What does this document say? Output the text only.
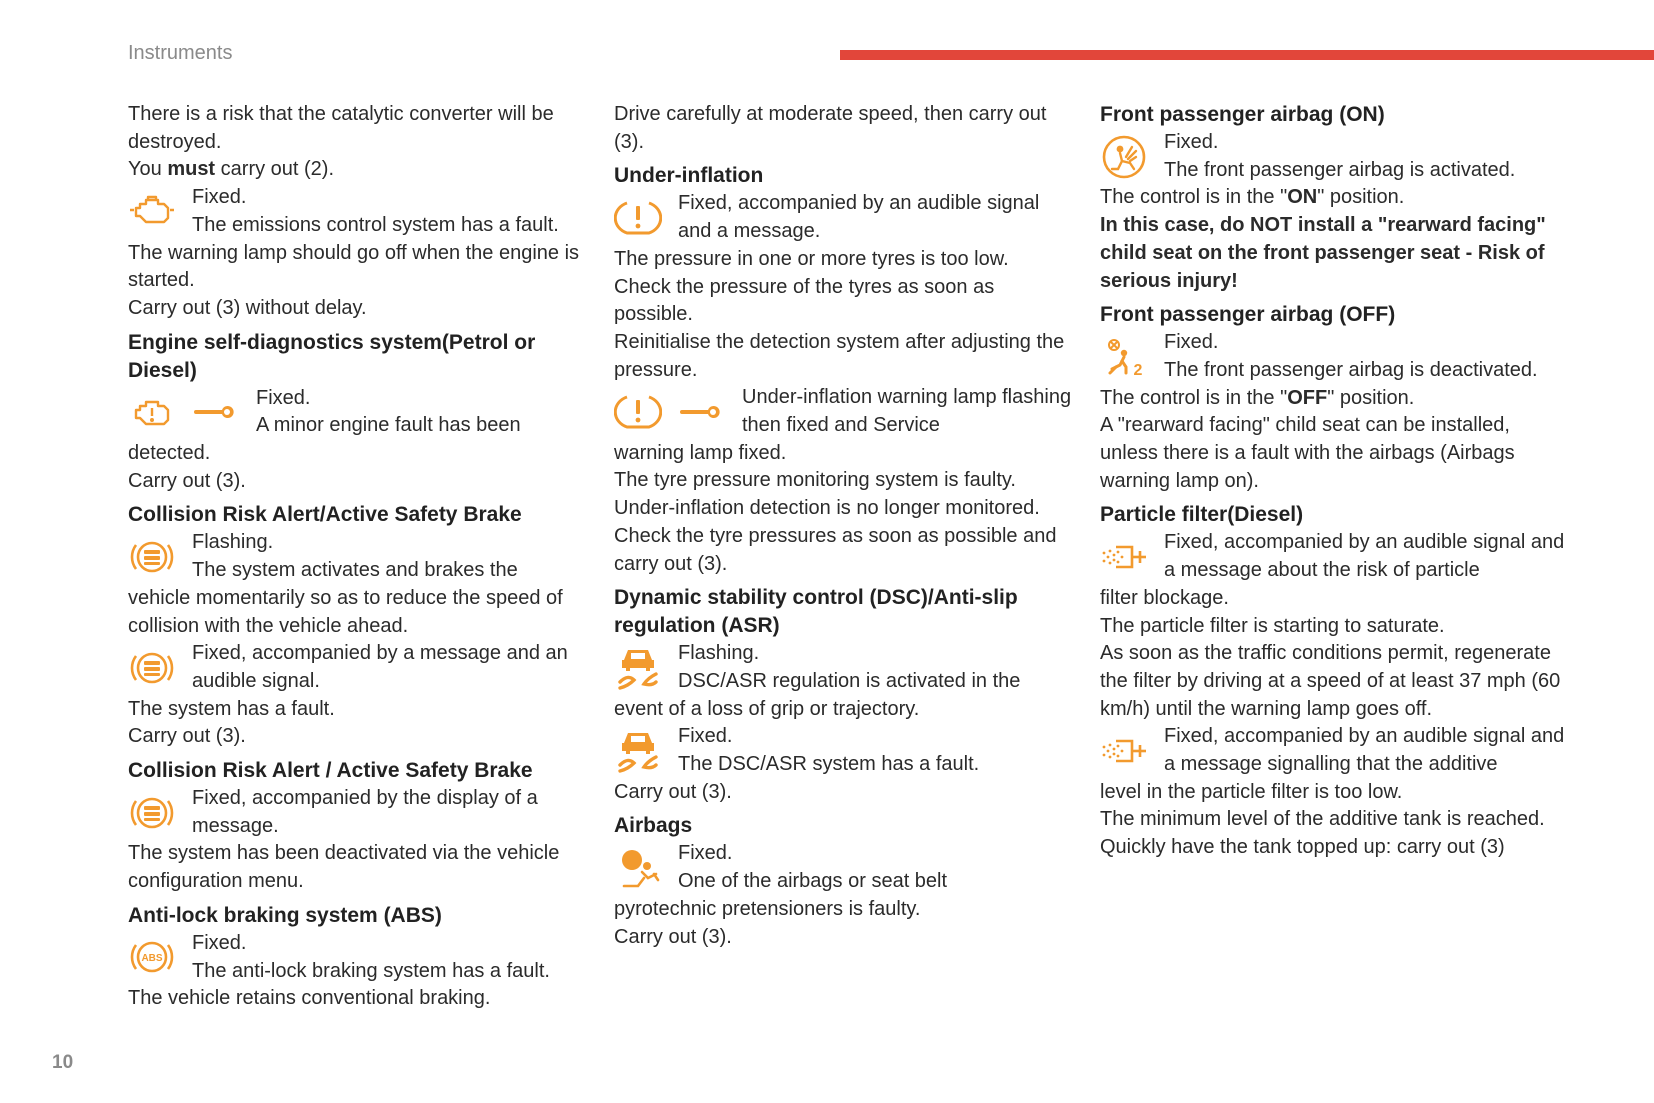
Instruments

There is a risk that the catalytic converter will be destroyed.

You must carry out (2).

Fixed.

The emissions control system has a fault.

The warning lamp should go off when the engine is started.

Carry out (3) without delay.

Engine self-diagnostics system(Petrol or Diesel)

Fixed.

A minor engine fault has been

detected.

Carry out (3).

Collision Risk Alert/Active Safety Brake

Flashing.

The system activates and brakes the

vehicle momentarily so as to reduce the speed of collision with the vehicle ahead.

Fixed, accompanied by a message and an audible signal.

The system has a fault.

Carry out (3).

Collision Risk Alert / Active Safety Brake

Fixed, accompanied by the display of a message.

The system has been deactivated via the vehicle configuration menu.

Anti-lock braking system (ABS)
ABS

Fixed.

The anti-lock braking system has a fault.

The vehicle retains conventional braking.

Drive carefully at moderate speed, then carry out (3).

Under-inflation

Fixed, accompanied by an audible signal and a message.

The pressure in one or more tyres is too low.

Check the pressure of the tyres as soon as possible.

Reinitialise the detection system after adjusting the pressure.

Under-inflation warning lamp flashing then fixed and Service

warning lamp fixed.

The tyre pressure monitoring system is faulty.

Under-inflation detection is no longer monitored.

Check the tyre pressures as soon as possible and carry out (3).

Dynamic stability control (DSC)/Anti-slip regulation (ASR)

Flashing.

DSC/ASR regulation is activated in the

event of a loss of grip or trajectory.

Fixed.

The DSC/ASR system has a fault.

Carry out (3).

Airbags

Fixed.

One of the airbags or seat belt

pyrotechnic pretensioners is faulty.

Carry out (3).

Front passenger airbag (ON)

Fixed.

The front passenger airbag is activated.

The control is in the "ON" position.

In this case, do NOT install a "rearward facing" child seat on the front passenger seat - Risk of serious injury!

Front passenger airbag (OFF)
2

Fixed.

The front passenger airbag is deactivated.

The control is in the "OFF" position.

A "rearward facing" child seat can be installed, unless there is a fault with the airbags (Airbags warning lamp on).

Particle filter(Diesel)

Fixed, accompanied by an audible signal and a message about the risk of particle

filter blockage.

The particle filter is starting to saturate.

As soon as the traffic conditions permit, regenerate the filter by driving at a speed of at least 37 mph (60 km/h) until the warning lamp goes off.

Fixed, accompanied by an audible signal and a message signalling that the additive

level in the particle filter is too low.

The minimum level of the additive tank is reached.

Quickly have the tank topped up: carry out (3)

10
